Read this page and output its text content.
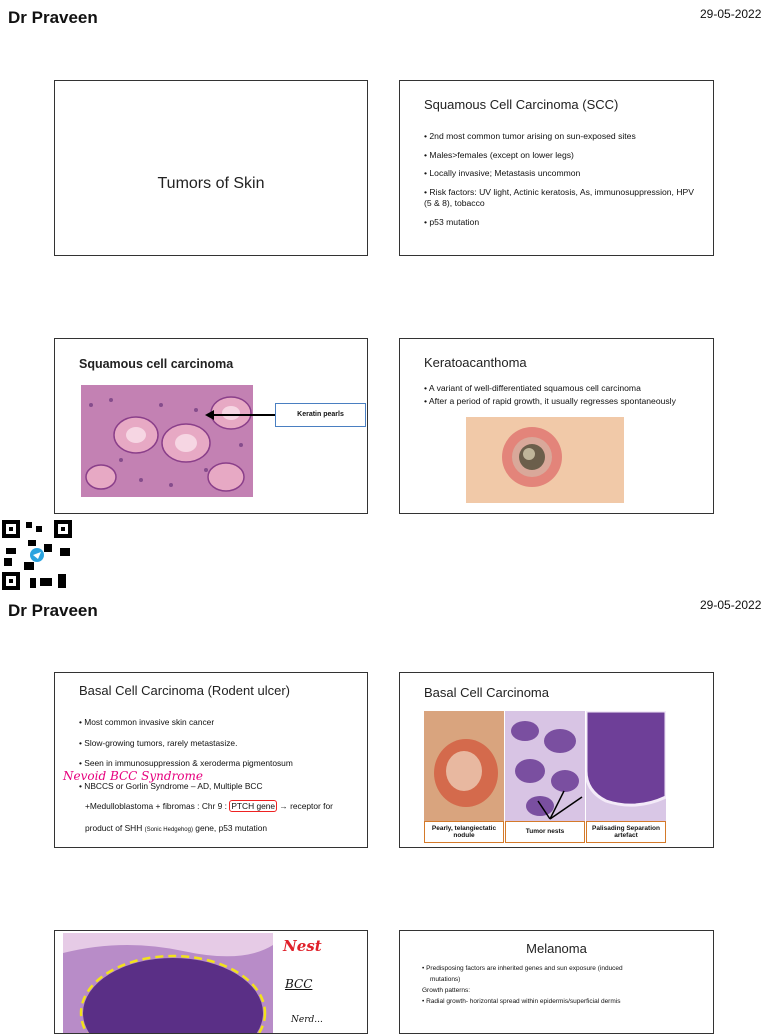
Dr Praveen	29-05-2022
Tumors of Skin
Squamous Cell Carcinoma (SCC)
• 2nd most common tumor arising on sun-exposed sites
• Males>females (except on lower legs)
• Locally invasive; Metastasis uncommon
• Risk factors: UV light, Actinic keratosis, As, immunosuppression, HPV (5 & 8), tobacco
• p53 mutation
Squamous cell carcinoma
Keratin pearls
Keratoacanthoma
• A variant of well-differentiated squamous cell carcinoma
• After a period of rapid growth, it usually regresses spontaneously
Dr Praveen	29-05-2022
Basal Cell Carcinoma (Rodent ulcer)
• Most common invasive skin cancer
• Slow-growing tumors, rarely metastasize.
• Seen in immunosuppression & xeroderma pigmentosum
• NBCCS or Gorlin Syndrome – AD, Multiple BCC
+Medulloblastoma + fibromas : Chr 9 : PTCH gene → receptor for
product of SHH (Sonic Hedgehog) gene, p53 mutation
Nevoid BCC Syndrome
Basal Cell Carcinoma
Pearly, telangiectatic nodule
Tumor nests
Palisading Separation artefact
Nest
BCC
Nerd...
Melanoma
• Predisposing factors are inherited genes and sun exposure (induced
mutations)
Growth patterns:
• Radial growth- horizontal spread within epidermis/superficial dermis
